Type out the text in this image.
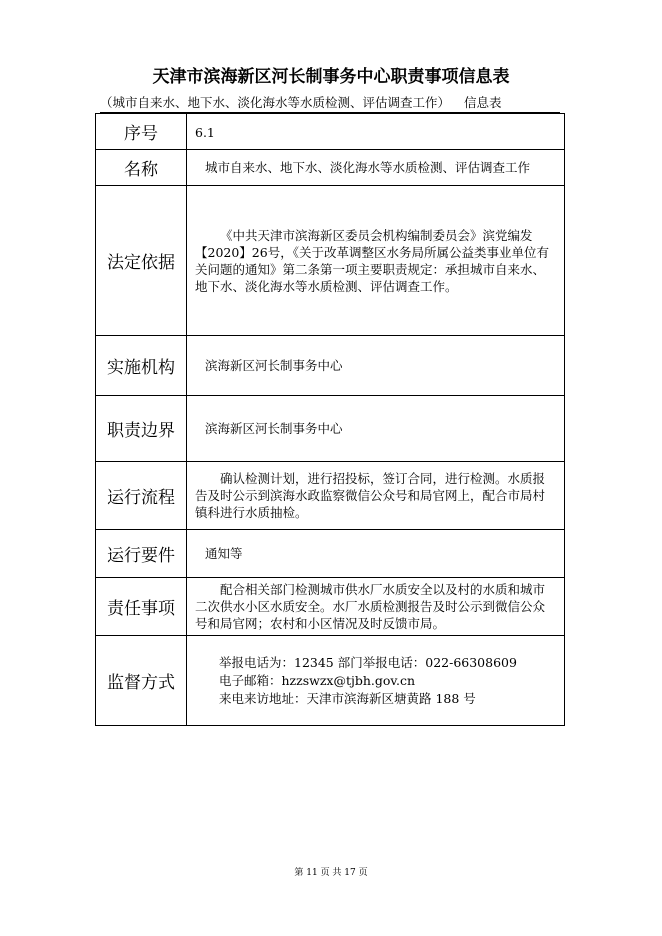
天津市滨海新区河长制事务中心职责事项信息表
（城市自来水、地下水、淡化海水等水质检测、评估调查工作） 信息表
序号	6.1
名称	城市自来水、地下水、淡化海水等水质检测、评估调查工作
法定依据	《中共天津市滨海新区委员会机构编制委员会》滨党编发【2020】26号，《关于改革调整区水务局所属公益类事业单位有关问题的通知》第二条第一项主要职责规定：承担城市自来水、地下水、淡化海水等水质检测、评估调查工作。
实施机构	滨海新区河长制事务中心
职责边界	滨海新区河长制事务中心
运行流程	确认检测计划，进行招投标，签订合同，进行检测。水质报告及时公示到滨海水政监察微信公众号和局官网上，配合市局村镇科进行水质抽检。
运行要件	通知等
责任事项	配合相关部门检测城市供水厂水质安全以及村的水质和城市二次供水小区水质安全。水厂水质检测报告及时公示到微信公众号和局官网；农村和小区情况及时反馈市局。
监督方式	举报电话为：12345 部门举报电话：022-66308609

电子邮箱：hzzswzx@tjbh.gov.cn

来电来访地址：天津市滨海新区塘黄路 188 号

第 11 页 共 17 页
